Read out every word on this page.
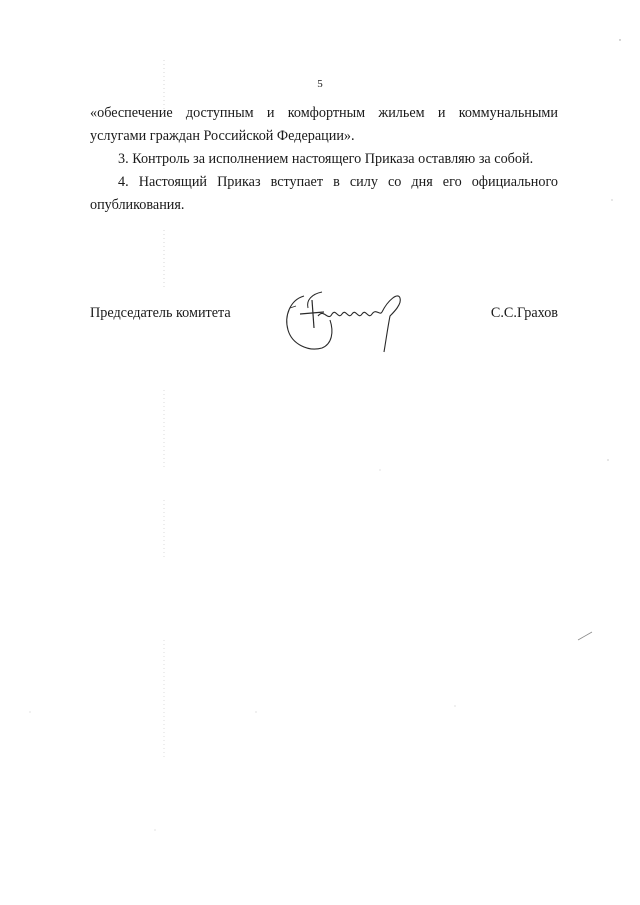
5

«обеспечение доступным и комфортным жильем и коммунальными услугами граждан Российской Федерации».

3. Контроль за исполнением настоящего Приказа оставляю за собой.

4. Настоящий Приказ вступает в силу со дня его официального опубликования.

Председатель комитета	С.С.Грахов
